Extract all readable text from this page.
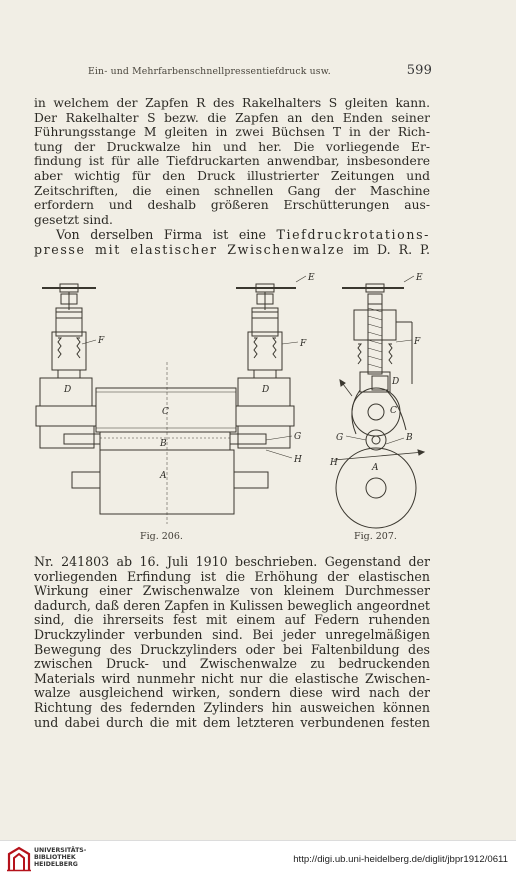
Ein- und Mehrfarbenschnellpressentiefdruck usw.	599
in welchem der Zapfen R des Rakelhalters S gleiten kann.
Der Rakelhalter S bezw. die Zapfen an den Enden seiner
Führungsstange M gleiten in zwei Büchsen T in der Rich-
tung der Druckwalze hin und her. Die vorliegende Er-
findung ist für alle Tiefdruckarten anwendbar, insbesondere
aber wichtig für den Druck illustrierter Zeitungen und
Zeitschriften, die einen schnellen Gang der Maschine
erfordern und deshalb größeren Erschütterungen aus-
gesetzt sind.
Von derselben Firma ist eine Tiefdruckrotations-
presse mit elastischer Zwischenwalze im D. R. P.
E
F	F
D	D
C
B
G
H
A
E
F
D
C
B
G
H	A
Fig. 206.	Fig. 207.
Nr. 241803 ab 16. Juli 1910 beschrieben. Gegenstand der
vorliegenden Erfindung ist die Erhöhung der elastischen
Wirkung einer Zwischenwalze von kleinem Durchmesser
dadurch, daß deren Zapfen in Kulissen beweglich angeordnet
sind, die ihrerseits fest mit einem auf Federn ruhenden
Druckzylinder verbunden sind. Bei jeder unregelmäßigen
Bewegung des Druckzylinders oder bei Faltenbildung des
zwischen Druck- und Zwischenwalze zu bedruckenden
Materials wird nunmehr nicht nur die elastische Zwischen-
walze ausgleichend wirken, sondern diese wird nach der
Richtung des federnden Zylinders hin ausweichen können
und dabei durch die mit dem letzteren verbundenen festen
UNIVERSITÄTS-
BIBLIOTHEK
HEIDELBERG	http://digi.ub.uni-heidelberg.de/diglit/jbpr1912/0611
